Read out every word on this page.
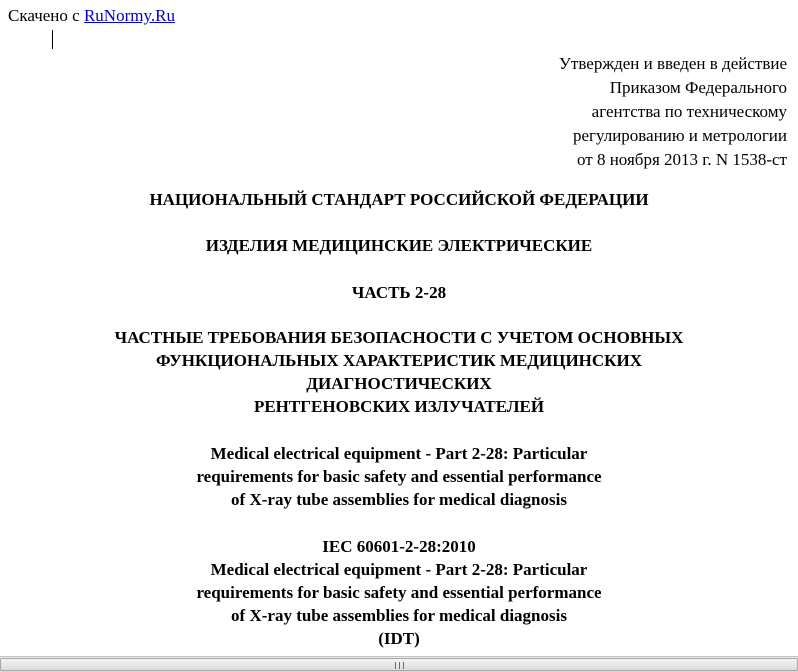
Скачено с RuNormy.Ru
Утвержден и введен в действие
Приказом Федерального
агентства по техническому
регулированию и метрологии
от 8 ноября 2013 г. N 1538-ст
НАЦИОНАЛЬНЫЙ СТАНДАРТ РОССИЙСКОЙ ФЕДЕРАЦИИ
ИЗДЕЛИЯ МЕДИЦИНСКИЕ ЭЛЕКТРИЧЕСКИЕ
ЧАСТЬ 2-28
ЧАСТНЫЕ ТРЕБОВАНИЯ БЕЗОПАСНОСТИ С УЧЕТОМ ОСНОВНЫХ
ФУНКЦИОНАЛЬНЫХ ХАРАКТЕРИСТИК МЕДИЦИНСКИХ
ДИАГНОСТИЧЕСКИХ
РЕНТГЕНОВСКИХ ИЗЛУЧАТЕЛЕЙ
Medical electrical equipment - Part 2-28: Particular
requirements for basic safety and essential performance
of X-ray tube assemblies for medical diagnosis
IEC 60601-2-28:2010
Medical electrical equipment - Part 2-28: Particular
requirements for basic safety and essential performance
of X-ray tube assemblies for medical diagnosis
(IDT)
